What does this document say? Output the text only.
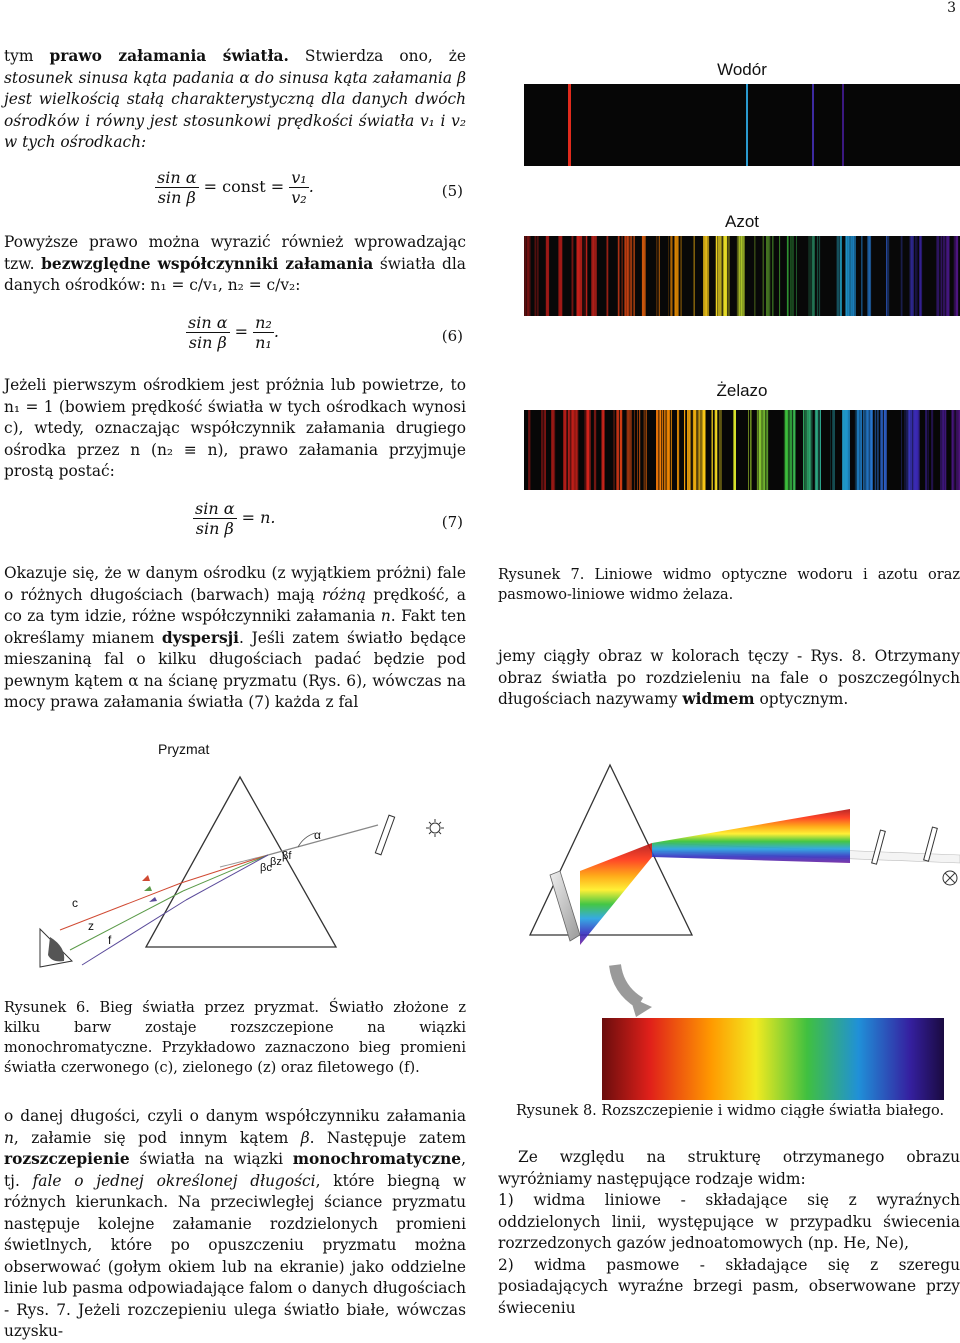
3
tym prawo załamania światła. Stwierdza ono, że stosunek sinusa kąta padania α do sinusa kąta załamania β jest wielkością stałą charakterystyczną dla danych dwóch ośrodków i równy jest stosunkowi prędkości światła v₁ i v₂ w tych ośrodkach:
$\frac{\text{sin α}}{\text{sin β}}$ = const = $\frac{\text{v₁}}{\text{v₂}}$ .	(5)
Powyższe prawo można wyrazić również wprowadzając tzw. bezwzględne współczynniki załamania światła dla danych ośrodków: n₁ = c/v₁, n₂ = c/v₂:
$\frac{\text{sin α}}{\text{sin β}} = \frac{\text{n₂}}{\text{n₁}}$ .	(6)
Jeżeli pierwszym ośrodkiem jest próżnia lub powietrze, to n₁ = 1 (bowiem prędkość światła w tych ośrodkach wynosi c), wtedy, oznaczając współczynnik załamania drugiego ośrodka przez n (n₂ ≡ n), prawo załamania przyjmuje prostą postać:
$\frac{\text{sin α}}{\text{sin β}} = n$.	(7)
Okazuje się, że w danym ośrodku (z wyjątkiem próżni) fale o różnych długościach (barwach) mają różną prędkość, a co za tym idzie, różne współczynniki załamania n. Fakt ten określamy mianem dyspersji. Jeśli zatem światło będące mieszaniną fal o kilku długościach padać będzie pod pewnym kątem α na ścianę pryzmatu (Rys. 6), wówczas na mocy prawa załamania światła (7) każda z fal
Wodór
Azot
Żelazo
Rysunek 7. Liniowe widmo optyczne wodoru i azotu oraz pasmowo-liniowe widmo żelaza.
jemy ciągły obraz w kolorach tęczy - Rys. 8. Otrzymany obraz światła po rozdzieleniu na fale o poszczególnych długościach nazywamy widmem optycznym.
Pryzmat
α
βc
βz βf
c
z
f
Rysunek 6. Bieg światła przez pryzmat. Światło złożone z kilku barw zostaje rozszczepione na wiązki monochromatyczne. Przykładowo zaznaczono bieg promieni światła czerwonego (c), zielonego (z) oraz filetowego (f).
Rysunek 8. Rozszczepienie i widmo ciągłe światła białego.
o danej długości, czyli o danym współczynniku załamania n, załamie się pod innym kątem β. Następuje zatem rozszczepienie światła na wiązki monochromatyczne, tj. fale o jednej określonej długości, które biegną w różnych kierunkach. Na przeciwległej ściance pryzmatu następuje kolejne załamanie rozdzielonych promieni świetlnych, które po opuszczeniu pryzmatu można obserwować (gołym okiem lub na ekranie) jako oddzielne linie lub pasma odpowiadające falom o danych długościach - Rys. 7. Jeżeli rozczepieniu ulega światło białe, wówczas uzysku-
Ze względu na strukturę otrzymanego obrazu wyróżniamy następujące rodzaje widm:
1) widma liniowe - składające się z wyraźnych oddzielonych linii, występujące w przypadku świecenia rozrzedzonych gazów jednoatomowych (np. He, Ne),
2) widma pasmowe - składające się z szeregu posiadających wyraźne brzegi pasm, obserwowane przy świeceniu
